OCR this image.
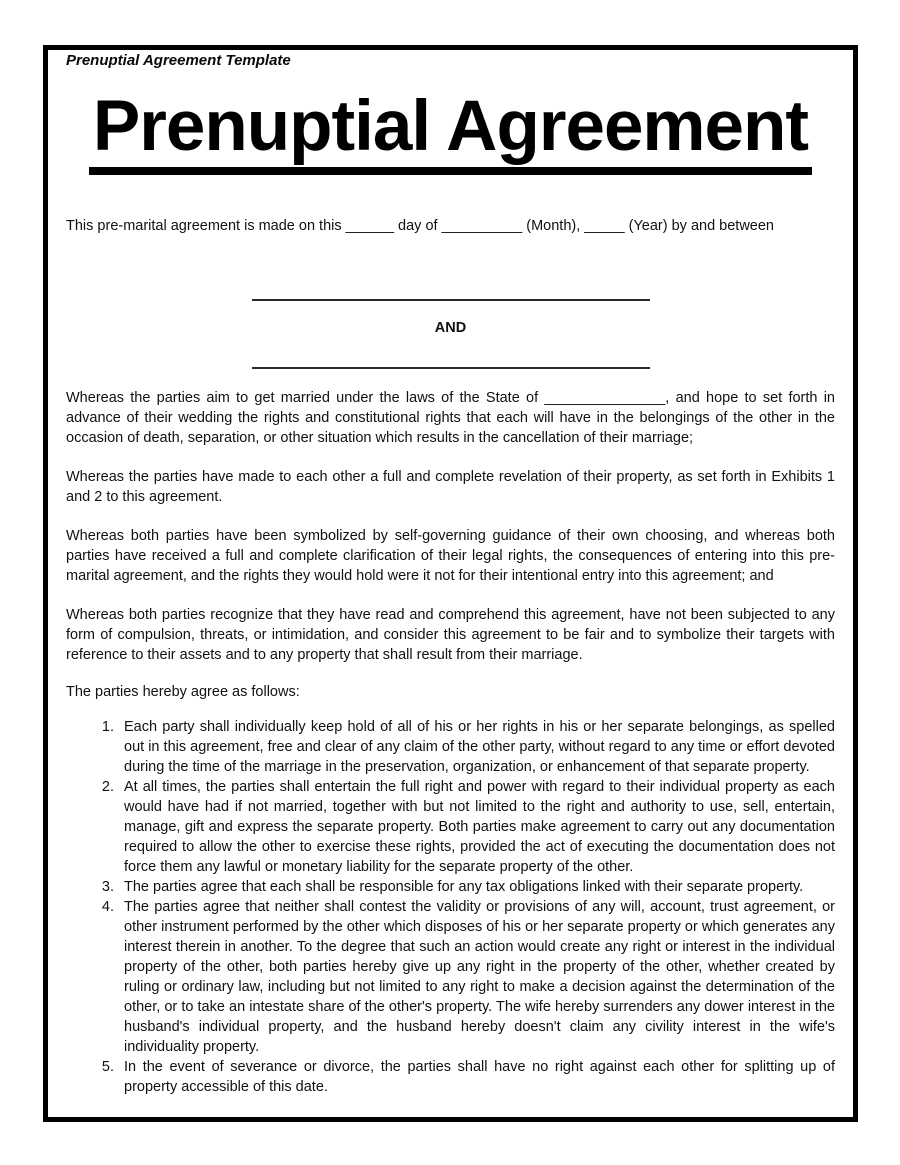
Prenuptial Agreement Template
Prenuptial Agreement

This pre-marital agreement is made on this ______ day of __________ (Month), _____ (Year) by and between

AND

Whereas the parties aim to get married under the laws of the State of _______________, and hope to set forth in advance of their wedding the rights and constitutional rights that each will have in the belongings of the other in the occasion of death, separation, or other situation which results in the cancellation of their marriage;

Whereas the parties have made to each other a full and complete revelation of their property, as set forth in Exhibits 1 and 2 to this agreement.

Whereas both parties have been symbolized by self-governing guidance of their own choosing, and whereas both parties have received a full and complete clarification of their legal rights, the consequences of entering into this pre-marital agreement, and the rights they would hold were it not for their intentional entry into this agreement; and

Whereas both parties recognize that they have read and comprehend this agreement, have not been subjected to any form of compulsion, threats, or intimidation, and consider this agreement to be fair and to symbolize their targets with reference to their assets and to any property that shall result from their marriage.

The parties hereby agree as follows:

1. Each party shall individually keep hold of all of his or her rights in his or her separate belongings, as spelled out in this agreement, free and clear of any claim of the other party, without regard to any time or effort devoted during the time of the marriage in the preservation, organization, or enhancement of that separate property.
2. At all times, the parties shall entertain the full right and power with regard to their individual property as each would have had if not married, together with but not limited to the right and authority to use, sell, entertain, manage, gift and express the separate property. Both parties make agreement to carry out any documentation required to allow the other to exercise these rights, provided the act of executing the documentation does not force them any lawful or monetary liability for the separate property of the other.
3. The parties agree that each shall be responsible for any tax obligations linked with their separate property.
4. The parties agree that neither shall contest the validity or provisions of any will, account, trust agreement, or other instrument performed by the other which disposes of his or her separate property or which generates any interest therein in another. To the degree that such an action would create any right or interest in the individual property of the other, both parties hereby give up any right in the property of the other, whether created by ruling or ordinary law, including but not limited to any right to make a decision against the determination of the other, or to take an intestate share of the other's property. The wife hereby surrenders any dower interest in the husband's individual property, and the husband hereby doesn't claim any civility interest in the wife's individuality property.
5. In the event of severance or divorce, the parties shall have no right against each other for splitting up of property accessible of this date.
